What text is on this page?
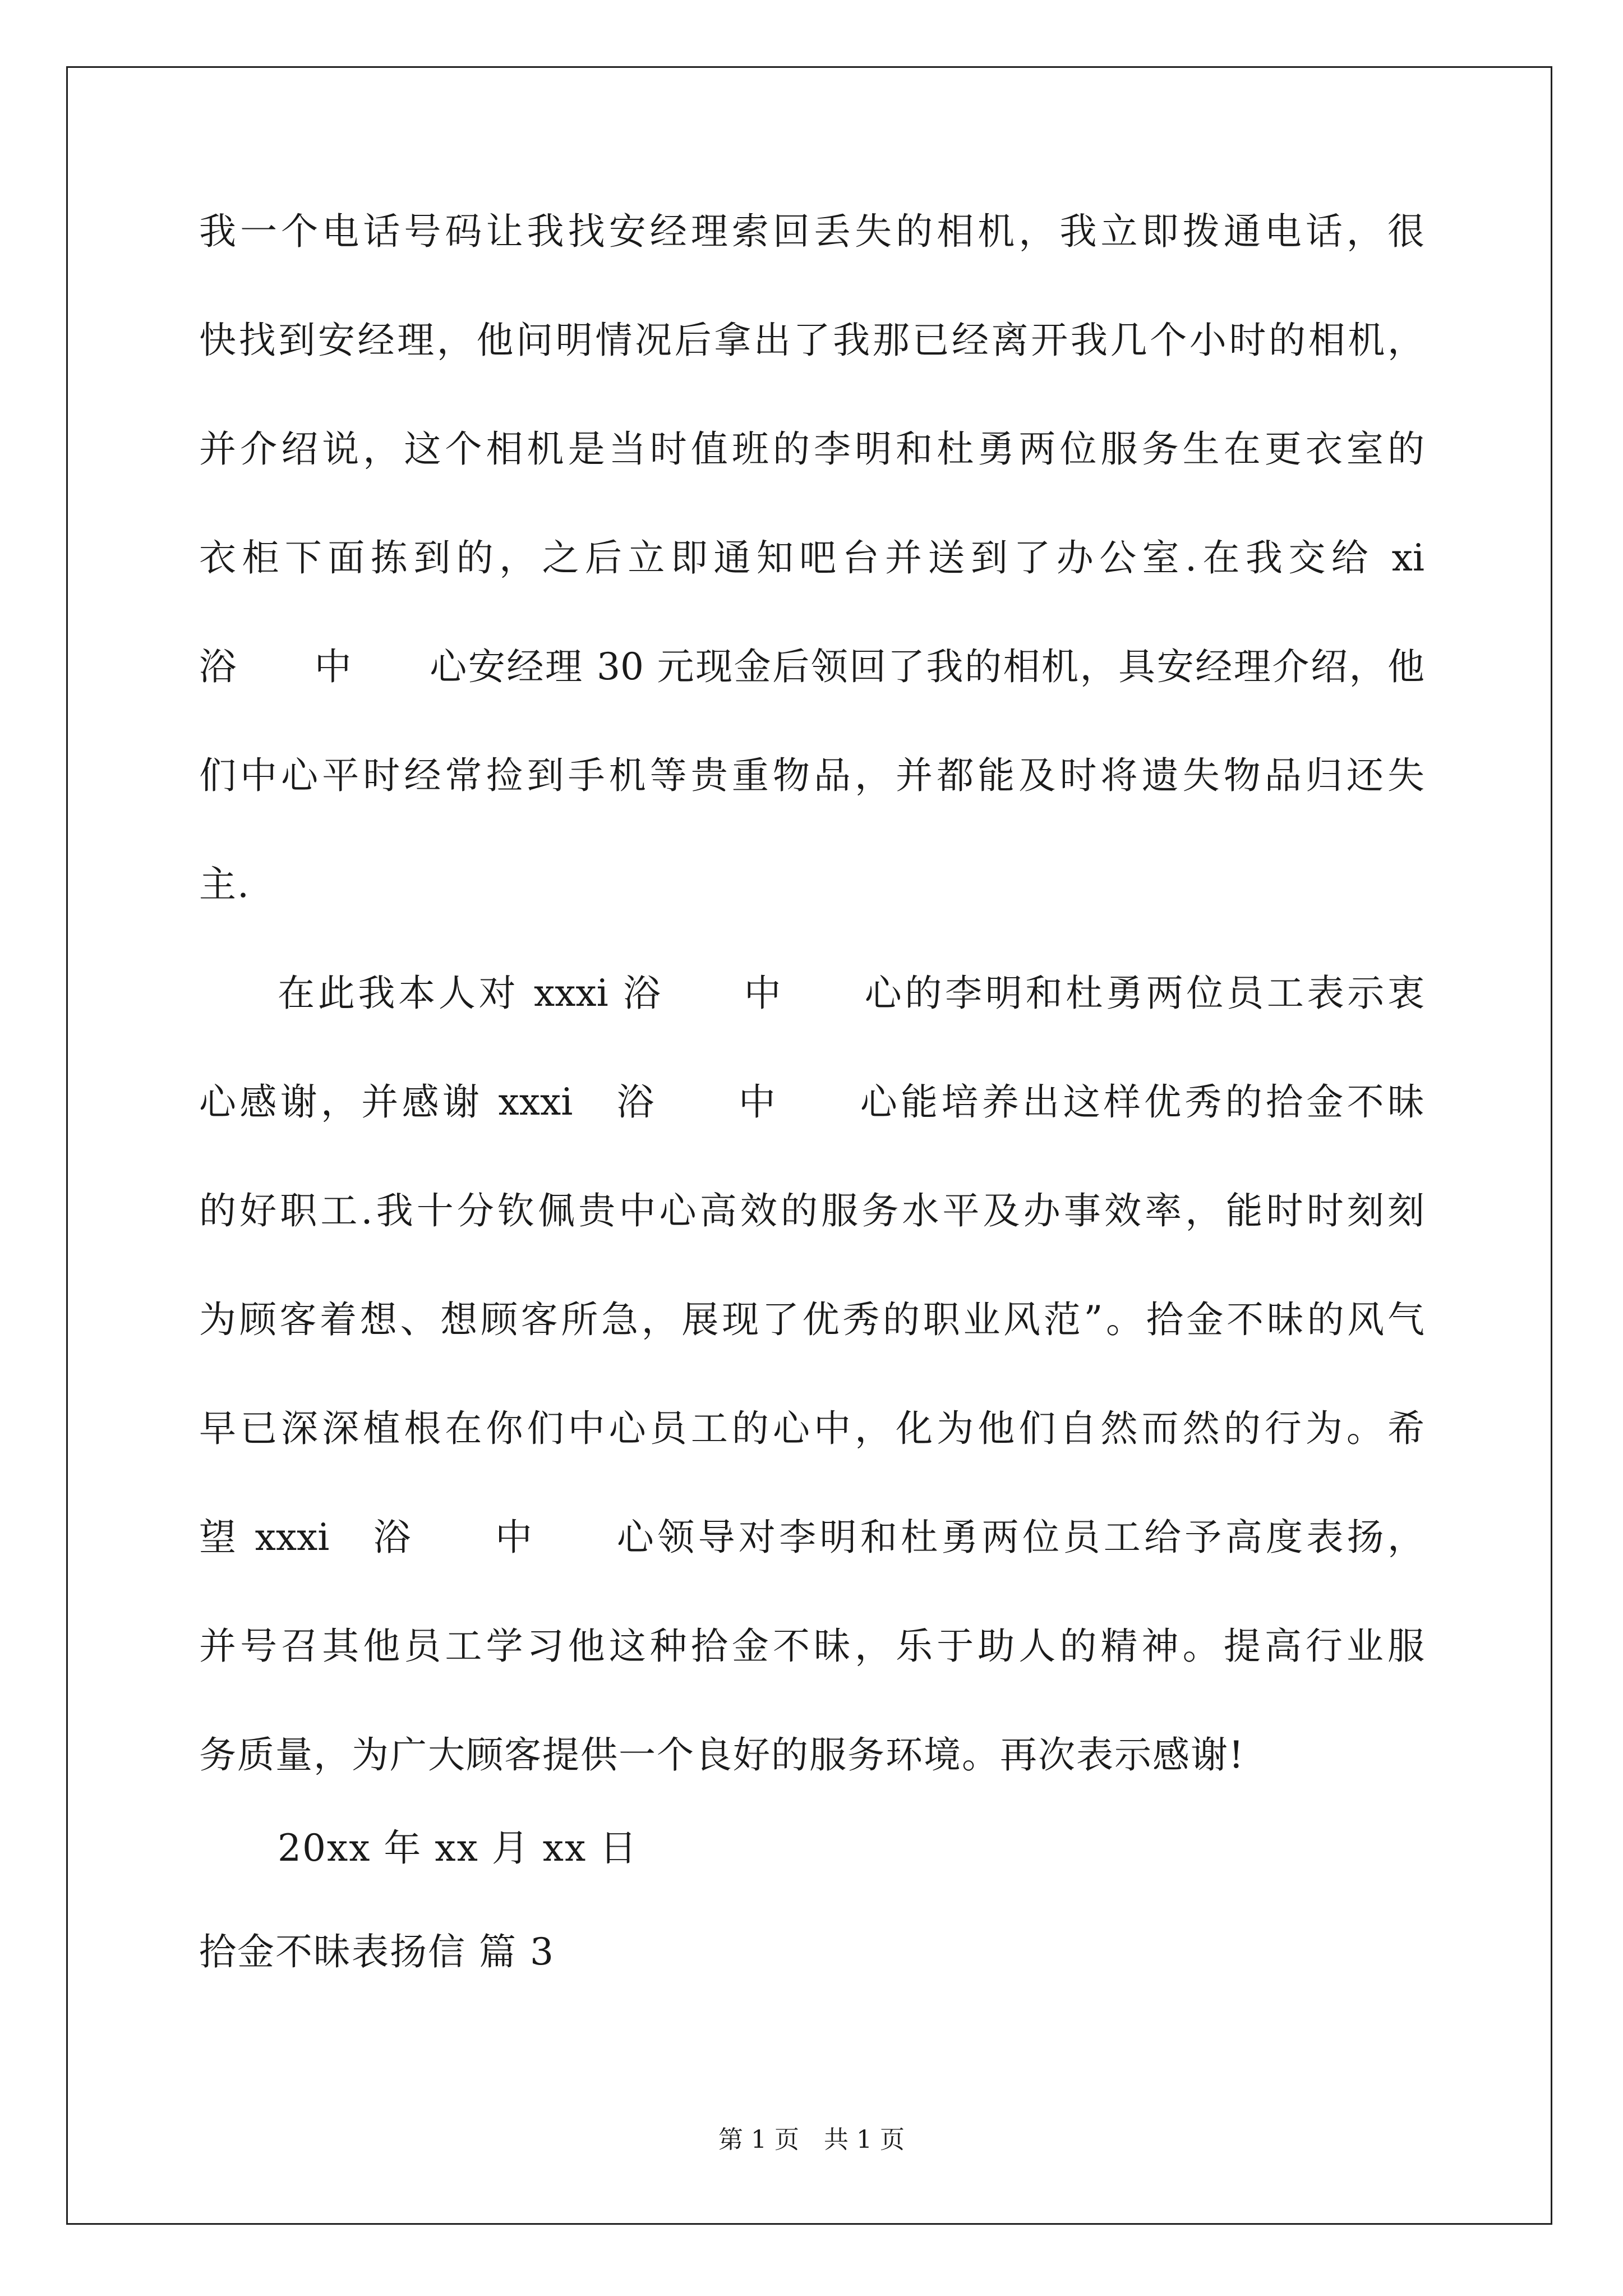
我一个电话号码让我找安经理索回丢失的相机，我立即拨通电话，很
快找到安经理，他问明情况后拿出了我那已经离开我几个小时的相机，
并介绍说，这个相机是当时值班的李明和杜勇两位服务生在更衣室的
衣柜下面拣到的，之后立即通知吧台并送到了办公室.在我交给 xi
浴　　中　　心安经理 30 元现金后领回了我的相机，具安经理介绍，他
们中心平时经常捡到手机等贵重物品，并都能及时将遗失物品归还失
主.
在此我本人对 xxxi 浴　　中　　心的李明和杜勇两位员工表示衷
心感谢，并感谢 xxxi　浴　　中　　心能培养出这样优秀的拾金不昧
的好职工.我十分钦佩贵中心高效的服务水平及办事效率，能时时刻刻
为顾客着想、想顾客所急，展现了优秀的职业风范”。拾金不昧的风气
早已深深植根在你们中心员工的心中，化为他们自然而然的行为。希
望 xxxi　浴　　中　　心领导对李明和杜勇两位员工给予高度表扬，
并号召其他员工学习他这种拾金不昧，乐于助人的精神。提高行业服
务质量，为广大顾客提供一个良好的服务环境。再次表示感谢!
20xx 年 xx 月 xx 日
拾金不昧表扬信 篇 3
第 1 页　共 1 页
